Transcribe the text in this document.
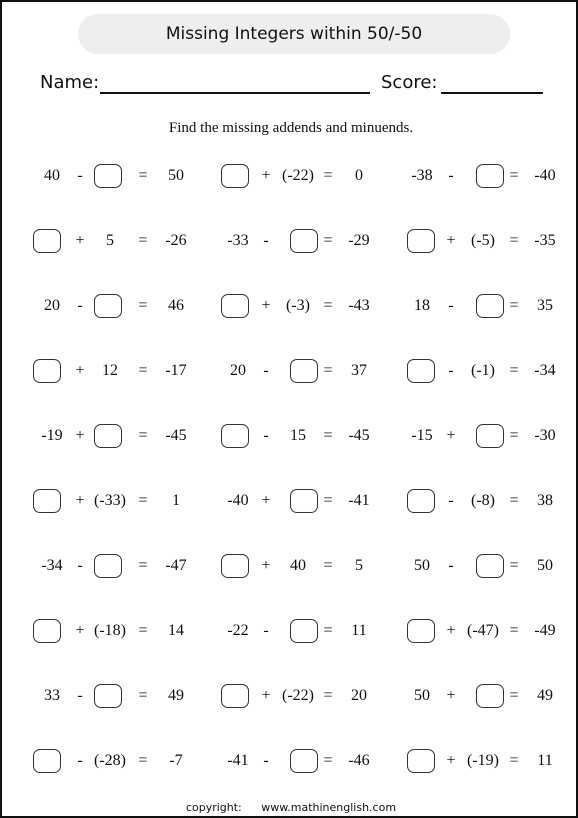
Missing Integers within 50/-50
Name:	Score:
Find the missing addends and minuends.
40 -	= 50	+ (-22) = 0	-38 -	= -40
+ 5 = -26	-33 -	= -29	+ (-5) = -35
20 -	= 46	+ (-3) = -43	18 -	= 35
+ 12 = -17	20 -	= 37	- (-1) = -34
-19 +	= -45	- 15 = -45	-15 +	= -30
+ (-33) = 1	-40 +	= -41	- (-8) = 38
-34 -	= -47	+ 40 = 5	50 -	= 50
+ (-18) = 14	-22 -	= 11	+ (-47) = -49
33 -	= 49	+ (-22) = 20	50 +	= 49
- (-28) = -7	-41 -	= -46	+ (-19) = 11
copyright: www.mathinenglish.com
